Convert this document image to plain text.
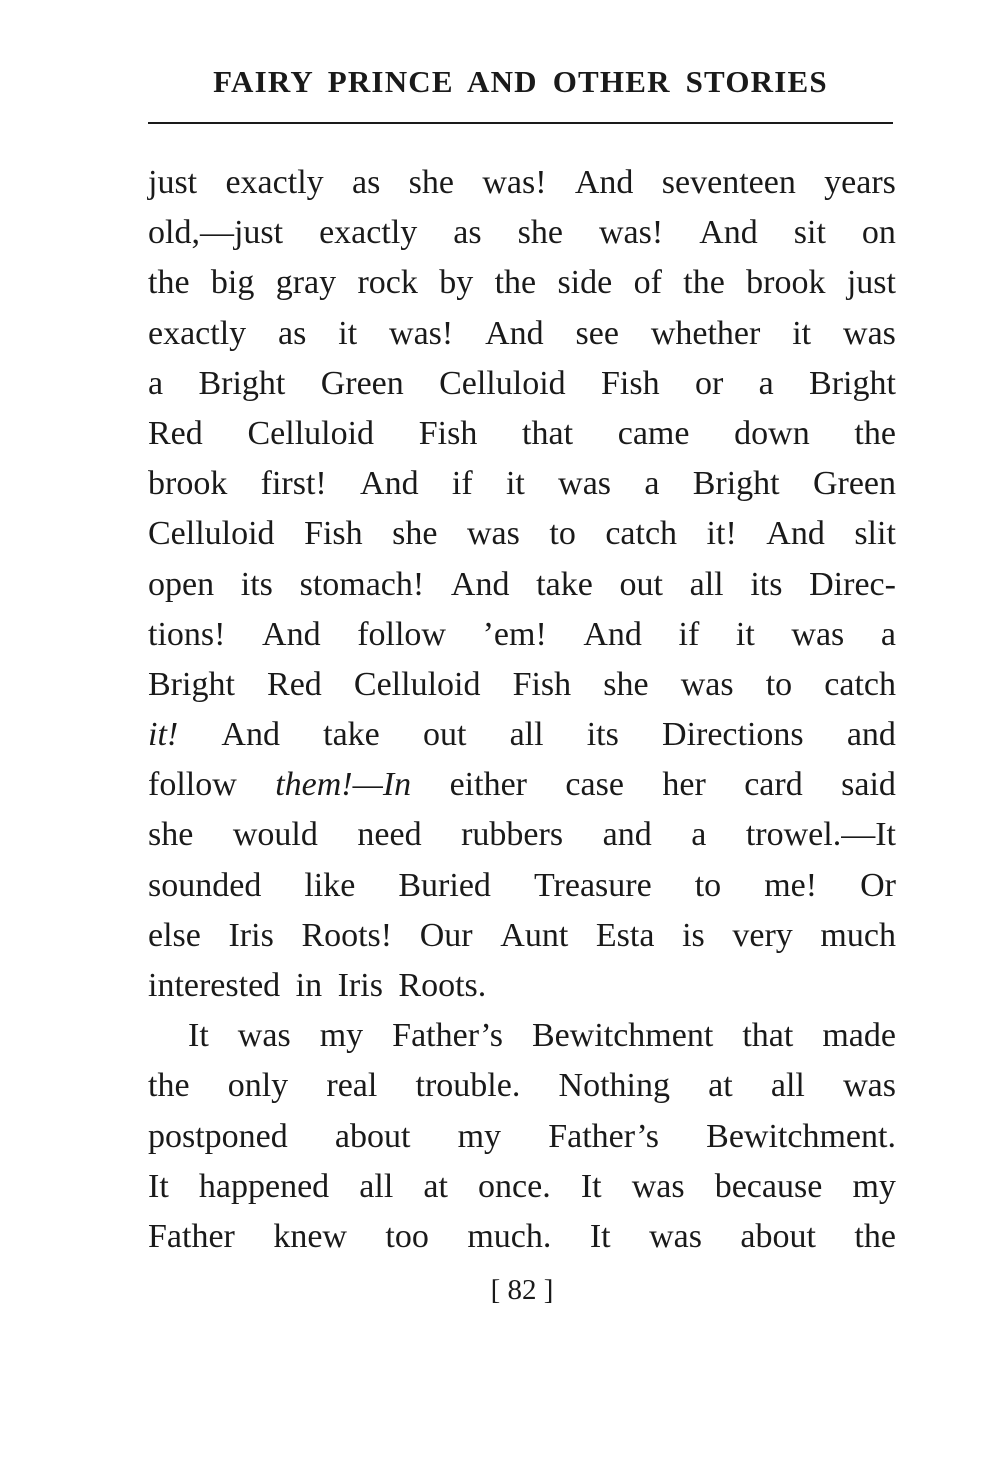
FAIRY PRINCE AND OTHER STORIES
just exactly as she was! And seventeen years
old,—just exactly as she was! And sit on
the big gray rock by the side of the brook just
exactly as it was! And see whether it was
a Bright Green Celluloid Fish or a Bright
Red Celluloid Fish that came down the
brook first! And if it was a Bright Green
Celluloid Fish she was to catch it! And slit
open its stomach! And take out all its Direc-
tions! And follow ’em! And if it was a
Bright Red Celluloid Fish she was to catch
it! And take out all its Directions and
follow them!—In either case her card said
she would need rubbers and a trowel.—It
sounded like Buried Treasure to me! Or
else Iris Roots! Our Aunt Esta is very much
interested in Iris Roots.
It was my Father’s Bewitchment that made
the only real trouble. Nothing at all was
postponed about my Father’s Bewitchment.
It happened all at once. It was because my
Father knew too much. It was about the
[ 82 ]
